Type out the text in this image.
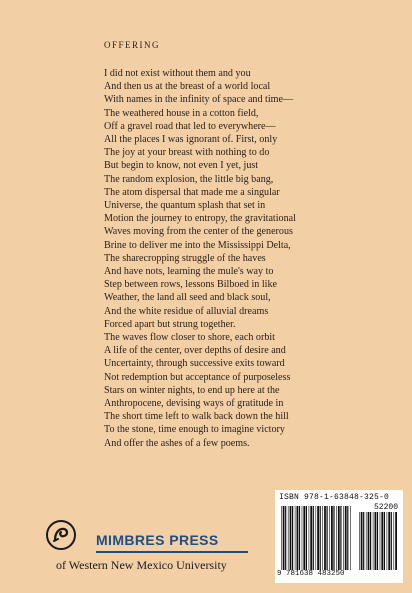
OFFERING
I did not exist without them and you
And then us at the breast of a world local
With names in the infinity of space and time—
The weathered house in a cotton field,
Off a gravel road that led to everywhere—
All the places I was ignorant of. First, only
The joy at your breast with nothing to do
But begin to know, not even I yet, just
The random explosion, the little big bang,
The atom dispersal that made me a singular
Universe, the quantum splash that set in
Motion the journey to entropy, the gravitational
Waves moving from the center of the generous
Brine to deliver me into the Mississippi Delta,
The sharecropping struggle of the haves
And have nots, learning the mule's way to
Step between rows, lessons Bilboed in like
Weather, the land all seed and black soul,
And the white residue of alluvial dreams
Forced apart but strung together.
The waves flow closer to shore, each orbit
A life of the center, over depths of desire and
Uncertainty, through successive exits toward
Not redemption but acceptance of purposeless
Stars on winter nights, to end up here at the
Anthropocene, devising ways of gratitude in
The short time left to walk back down the hill
To the stone, time enough to imagine victory
And offer the ashes of a few poems.
MIMBRES PRESS
of Western New Mexico University
ISBN 978-1-63848-325-0
52200
9 781638 483250
